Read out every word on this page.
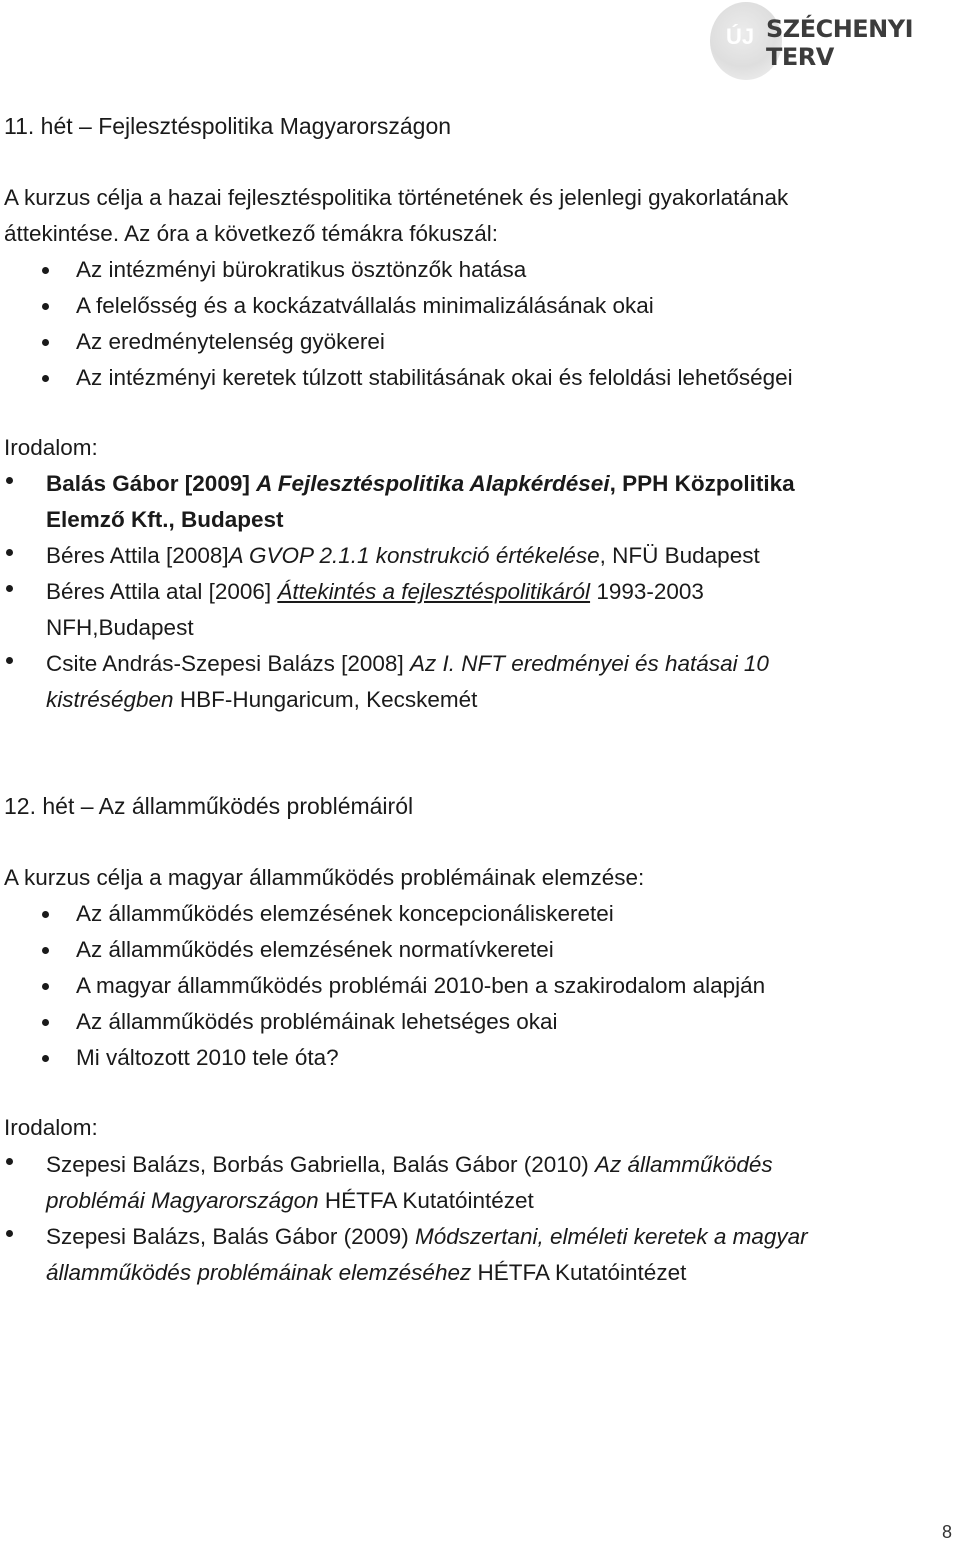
ÚJ SZÉCHENYI TERV
11. hét – Fejlesztéspolitika Magyarországon
A kurzus célja a hazai fejlesztéspolitika történetének és jelenlegi gyakorlatának
áttekintése. Az óra a következő témákra fókuszál:
Az intézményi bürokratikus ösztönzők hatása
A felelősség és a kockázatvállalás minimalizálásának okai
Az eredménytelenség gyökerei
Az intézményi keretek túlzott stabilitásának okai és feloldási lehetőségei
Irodalom:
Balás Gábor [2009] A Fejlesztéspolitika Alapkérdései, PPH Közpolitika
Elemző Kft., Budapest
Béres Attila [2008]A GVOP 2.1.1 konstrukció értékelése, NFÜ Budapest
Béres Attila atal [2006] Áttekintés a fejlesztéspolitikáról 1993-2003
NFH,Budapest
Csite András-Szepesi Balázs [2008] Az I. NFT eredményei és hatásai 10
kistréségben HBF-Hungaricum, Kecskemét
12. hét – Az államműködés problémáiról
A kurzus célja a magyar államműködés problémáinak elemzése:
Az államműködés elemzésének koncepcionáliskeretei
Az államműködés elemzésének normatívkeretei
A magyar államműködés problémái 2010-ben a szakirodalom alapján
Az államműködés problémáinak lehetséges okai
Mi változott 2010 tele óta?
Irodalom:
Szepesi Balázs, Borbás Gabriella, Balás Gábor (2010) Az államműködés
problémái Magyarországon HÉTFA Kutatóintézet
Szepesi Balázs, Balás Gábor (2009) Módszertani, elméleti keretek a magyar
államműködés problémáinak elemzéséhez HÉTFA Kutatóintézet
8
